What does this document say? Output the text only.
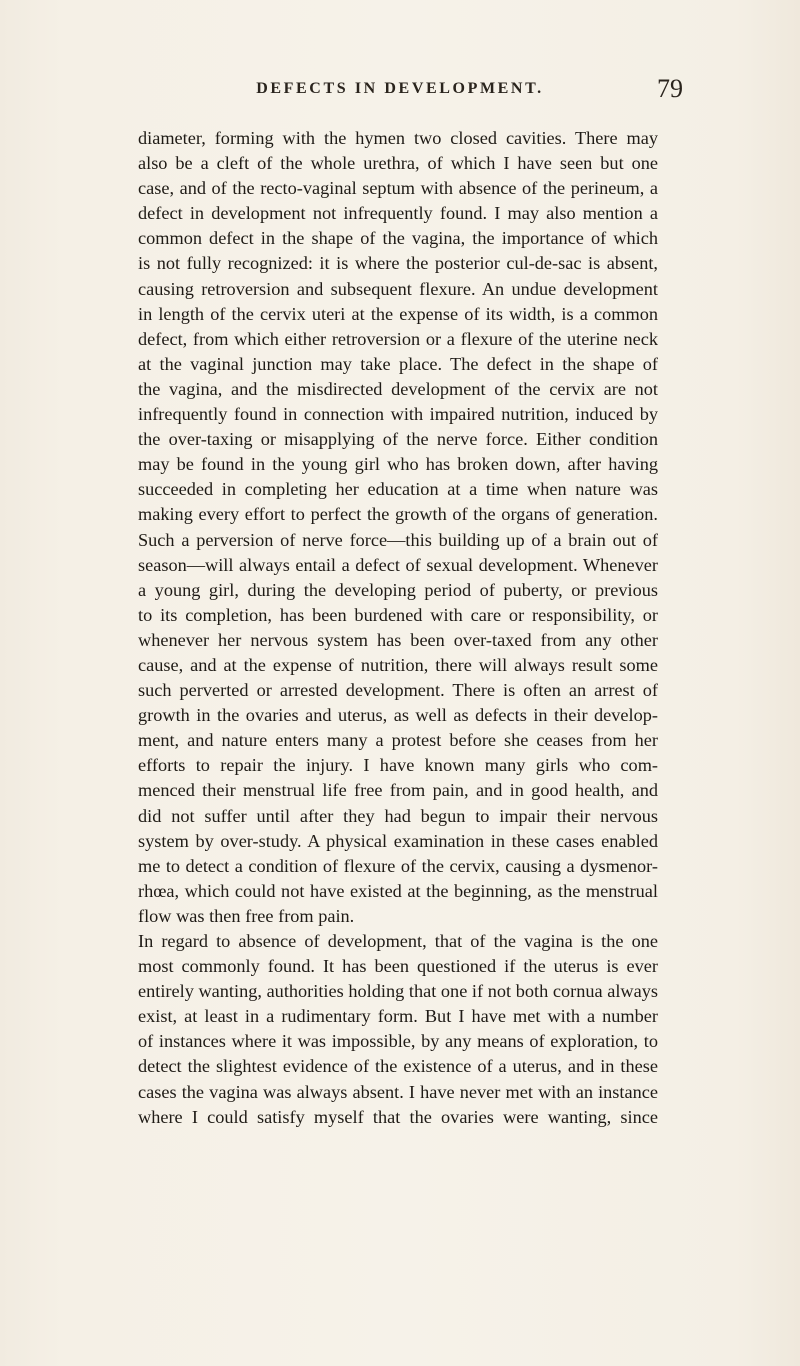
DEFECTS IN DEVELOPMENT.	79
diameter, forming with the hymen two closed cavities. There may
also be a cleft of the whole urethra, of which I have seen but one
case, and of the recto-vaginal septum with absence of the perineum, a
defect in development not infrequently found. I may also mention a
common defect in the shape of the vagina, the importance of which
is not fully recognized: it is where the posterior cul-de-sac is absent,
causing retroversion and subsequent flexure. An undue development
in length of the cervix uteri at the expense of its width, is a common
defect, from which either retroversion or a flexure of the uterine neck
at the vaginal junction may take place. The defect in the shape of
the vagina, and the misdirected development of the cervix are not
infrequently found in connection with impaired nutrition, induced by
the over-taxing or misapplying of the nerve force. Either condition
may be found in the young girl who has broken down, after having
succeeded in completing her education at a time when nature was
making every effort to perfect the growth of the organs of generation.
Such a perversion of nerve force—this building up of a brain out of
season—will always entail a defect of sexual development. Whenever
a young girl, during the developing period of puberty, or previous
to its completion, has been burdened with care or responsibility, or
whenever her nervous system has been over-taxed from any other
cause, and at the expense of nutrition, there will always result some
such perverted or arrested development. There is often an arrest of
growth in the ovaries and uterus, as well as defects in their develop-
ment, and nature enters many a protest before she ceases from her
efforts to repair the injury. I have known many girls who com-
menced their menstrual life free from pain, and in good health, and
did not suffer until after they had begun to impair their nervous
system by over-study. A physical examination in these cases enabled
me to detect a condition of flexure of the cervix, causing a dysmenor-
rhœa, which could not have existed at the beginning, as the menstrual
flow was then free from pain.
In regard to absence of development, that of the vagina is the one
most commonly found. It has been questioned if the uterus is ever
entirely wanting, authorities holding that one if not both cornua always
exist, at least in a rudimentary form. But I have met with a number
of instances where it was impossible, by any means of exploration, to
detect the slightest evidence of the existence of a uterus, and in these
cases the vagina was always absent. I have never met with an instance
where I could satisfy myself that the ovaries were wanting, since
